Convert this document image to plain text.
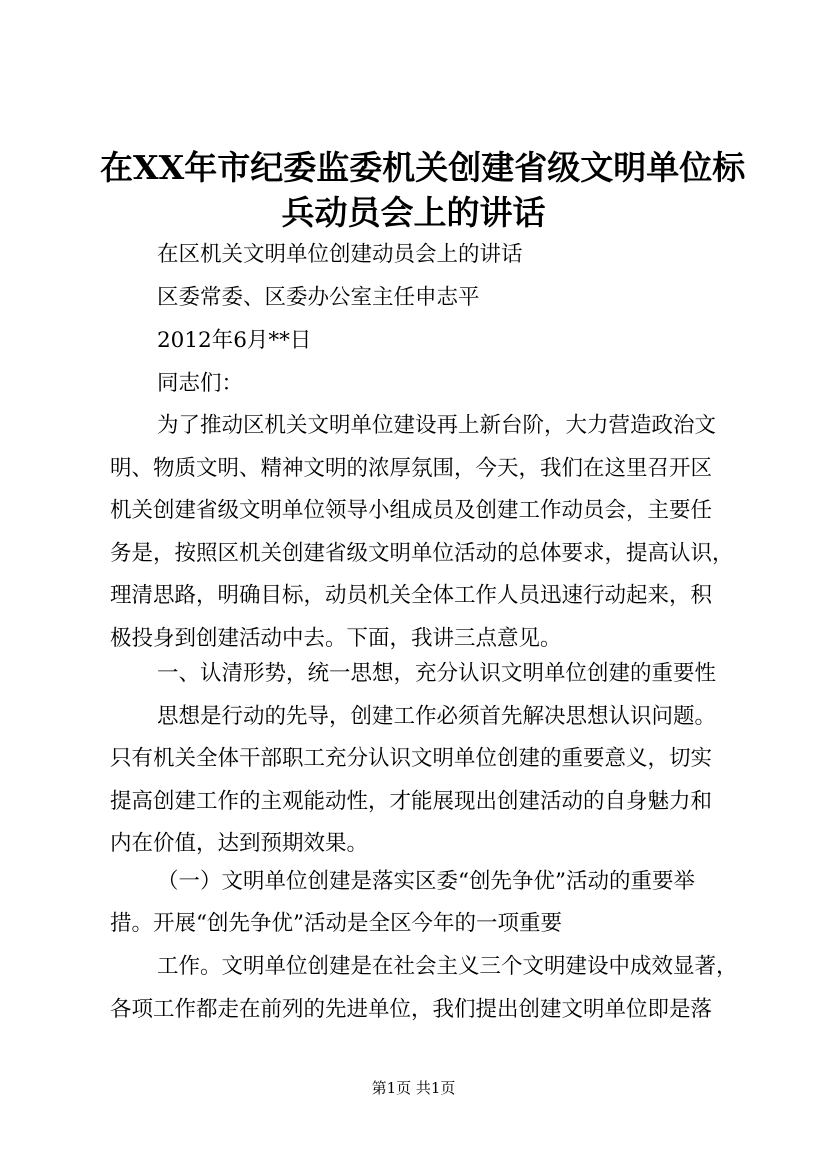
在XX年市纪委监委机关创建省级文明单位标
兵动员会上的讲话
在区机关文明单位创建动员会上的讲话
区委常委、区委办公室主任申志平
2012年6月**日
同志们：
为了推动区机关文明单位建设再上新台阶，大力营造政治文
明、物质文明、精神文明的浓厚氛围，今天，我们在这里召开区
机关创建省级文明单位领导小组成员及创建工作动员会，主要任
务是，按照区机关创建省级文明单位活动的总体要求，提高认识，
理清思路，明确目标，动员机关全体工作人员迅速行动起来，积
极投身到创建活动中去。下面，我讲三点意见。
一、认清形势，统一思想，充分认识文明单位创建的重要性
思想是行动的先导，创建工作必须首先解决思想认识问题。
只有机关全体干部职工充分认识文明单位创建的重要意义，切实
提高创建工作的主观能动性，才能展现出创建活动的自身魅力和
内在价值，达到预期效果。
（一）文明单位创建是落实区委“创先争优”活动的重要举
措。开展“创先争优”活动是全区今年的一项重要
工作。文明单位创建是在社会主义三个文明建设中成效显著，
各项工作都走在前列的先进单位，我们提出创建文明单位即是落
第1页 共1页
